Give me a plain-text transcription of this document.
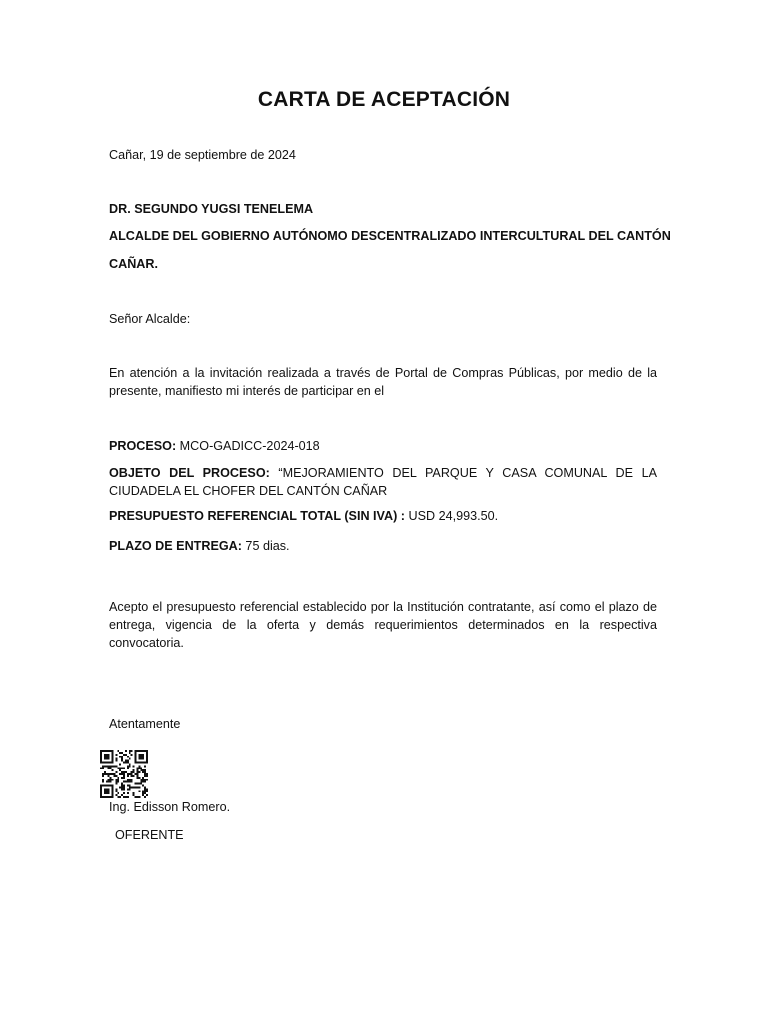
CARTA DE ACEPTACIÓN
Cañar, 19 de septiembre de 2024
DR. SEGUNDO YUGSI TENELEMA
ALCALDE DEL GOBIERNO AUTÓNOMO DESCENTRALIZADO INTERCULTURAL DEL CANTÓN
CAÑAR.
Señor Alcalde:
En atención a la invitación realizada a través de Portal de Compras Públicas, por medio de la presente, manifiesto mi interés de participar en el
PROCESO: MCO-GADICC-2024-018
OBJETO DEL PROCESO: “MEJORAMIENTO DEL PARQUE Y CASA COMUNAL DE LA CIUDADELA EL CHOFER DEL CANTÓN CAÑAR
PRESUPUESTO REFERENCIAL TOTAL (SIN IVA) : USD 24,993.50.
PLAZO DE ENTREGA: 75 dias.
Acepto el presupuesto referencial establecido por la Institución contratante, así como el plazo de entrega, vigencia de la oferta y demás requerimientos determinados en la respectiva convocatoria.
Atentamente
Ing. Edisson Romero.
OFERENTE
